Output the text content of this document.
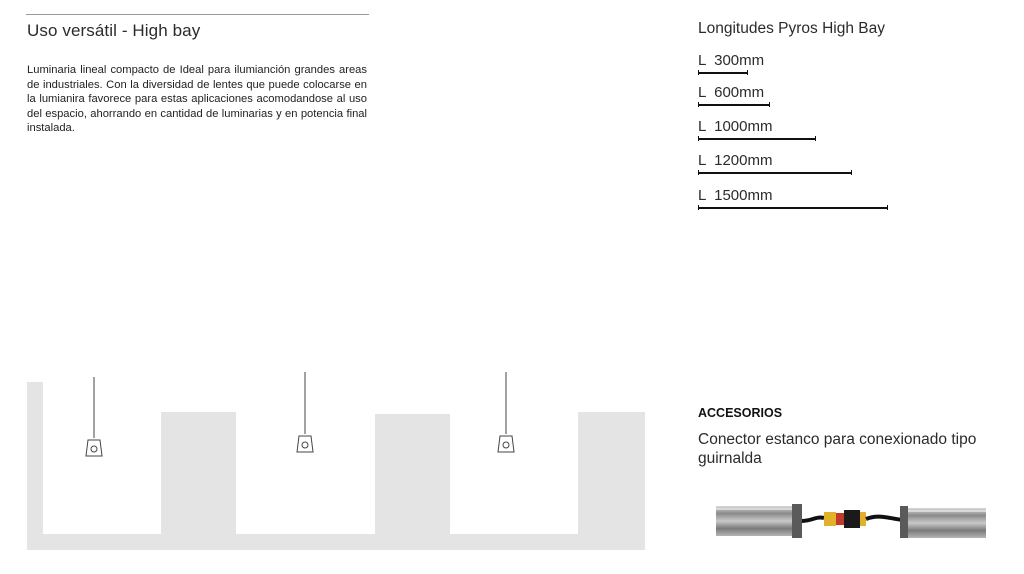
Uso versátil - High bay
Luminaria lineal compacto de Ideal para ilumianción grandes areas de industriales. Con la diversidad de lentes que puede colocarse en la lumianira favorece para estas aplicaciones acomodandose al uso del espacio, ahorrando en cantidad de luminarias y en potencia final instalada.
Longitudes Pyros High Bay
L  300mm
L  600mm
L  1000mm
L  1200mm
L  1500mm
ACCESORIOS
Conector estanco para conexionado tipo guirnalda
